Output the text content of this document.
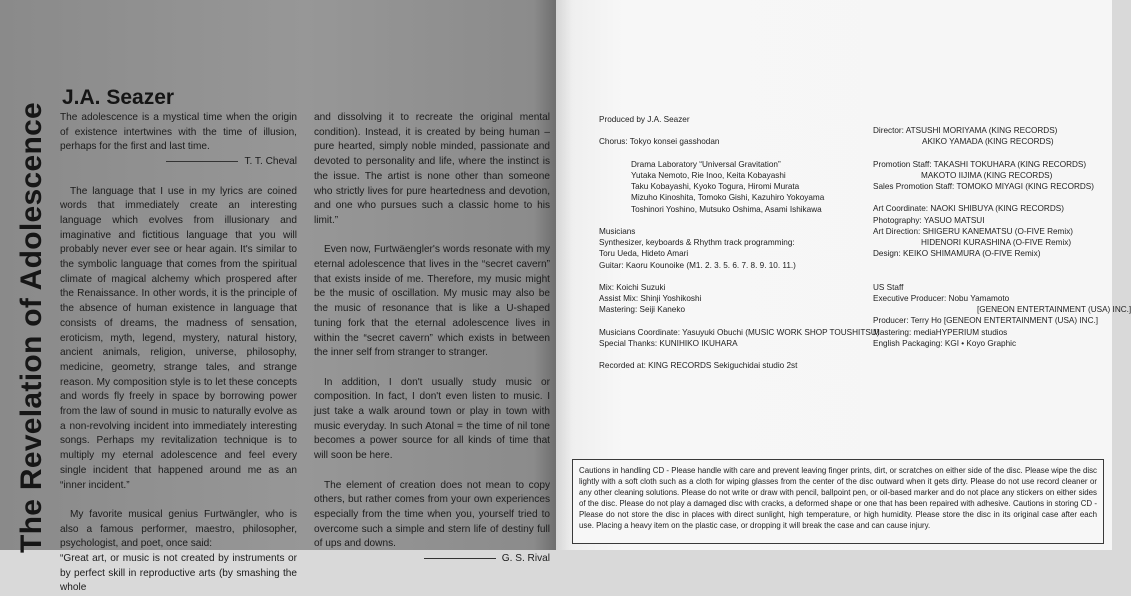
The Revelation of Adolescence
J.A. Seazer

The adolescence is a mystical time when the origin of existence intertwines with the time of illusion, perhaps for the first and last time.

T. T. Cheval

The language that I use in my lyrics are coined words that immediately create an interesting language which evolves from illusionary and imaginative and fictitious language that you will probably never ever see or hear again. It's similar to the symbolic language that comes from the spiritual climate of magical alchemy which prospered after the Renaissance. In other words, it is the principle of the absence of human existence in language that consists of dreams, the madness of sensation, eroticism, myth, legend, mystery, natural history, ancient animals, religion, universe, philosophy, medicine, geometry, strange tales, and strange reason. My composition style is to let these concepts and words fly freely in space by borrowing power from the law of sound in music to naturally evolve as a non-revolving incident into immediately interesting songs. Perhaps my revitalization technique is to multiply my eternal adolescence and feel every single incident that happened around me as an “inner incident.”

My favorite musical genius Furtwängler, who is also a famous performer, maestro, philosopher, psychologist, and poet, once said:

“Great art, or music is not created by instruments or by perfect skill in reproductive arts (by smashing the whole

and dissolving it to recreate the original mental condition). Instead, it is created by being human – pure hearted, simply noble minded, passionate and devoted to personality and life, where the instinct is the issue. The artist is none other than someone who strictly lives for pure heartedness and devotion, and one who pursues such a classic home to his limit.”

Even now, Furtwäengler's words resonate with my eternal adolescence that lives in the “secret cavern” that exists inside of me. Therefore, my music might be the music of oscillation. My music may also be the music of resonance that is like a U-shaped tuning fork that the eternal adolescence lives in within the “secret cavern” which exists in between the inner self from stranger to stranger.

In addition, I don't usually study music or composition. In fact, I don't even listen to music. I just take a walk around town or play in town with music everyday. In such Atonal = the time of nil tone becomes a power source for all kinds of time that will soon be here.

The element of creation does not mean to copy others, but rather comes from your own experiences especially from the time when you, yourself tried to overcome such a simple and stern life of destiny full of ups and downs.

G. S. Rival

Produced by J.A. Seazer
Chorus: Tokyo konsei gasshodan
Drama Laboratory “Universal Gravitation”
Yutaka Nemoto, Rie Inoo, Keita Kobayashi
Taku Kobayashi, Kyoko Togura, Hiromi Murata
Mizuho Kinoshita, Tomoko Gishi, Kazuhiro Yokoyama
Toshinori Yoshino, Mutsuko Oshima, Asami Ishikawa
Musicians
Synthesizer, keyboards & Rhythm track programming:
Toru Ueda, Hideto Amari
Guitar: Kaoru Kounoike (M1. 2. 3. 5. 6. 7. 8. 9. 10. 11.)
Mix: Koichi Suzuki
Assist Mix: Shinji Yoshikoshi
Mastering: Seiji Kaneko
Musicians Coordinate: Yasuyuki Obuchi (MUSIC WORK SHOP TOUSHITSU)
Special Thanks: KUNIHIKO IKUHARA
Recorded at: KING RECORDS Sekiguchidai studio 2st
Director: ATSUSHI MORIYAMA (KING RECORDS)
AKIKO YAMADA (KING RECORDS)
Promotion Staff: TAKASHI TOKUHARA (KING RECORDS)
MAKOTO IIJIMA (KING RECORDS)
Sales Promotion Staff: TOMOKO MIYAGI (KING RECORDS)
Art Coordinate: NAOKI SHIBUYA (KING RECORDS)
Photography: YASUO MATSUI
Art Direction: SHIGERU KANEMATSU (O-FIVE Remix)
HIDENORI KURASHINA (O-FIVE Remix)
Design: KEIKO SHIMAMURA (O-FIVE Remix)
US Staff
Executive Producer: Nobu Yamamoto
[GENEON ENTERTAINMENT (USA) INC.]
Producer: Terry Ho [GENEON ENTERTAINMENT (USA) INC.]
Mastering: mediaHYPERIUM studios
English Packaging: KGI • Koyo Graphic
Cautions in handling CD - Please handle with care and prevent leaving finger prints, dirt, or scratches on either side of the disc. Please wipe the disc lightly with a soft cloth such as a cloth for wiping glasses from the center of the disc outward when it gets dirty. Please do not use record cleaner or any other cleaning solutions. Please do not write or draw with pencil, ballpoint pen, or oil-based marker and do not place any stickers on either sides of the disc. Please do not play a damaged disc with cracks, a deformed shape or one that has been repaired with adhesive. Cautions in storing CD - Please do not store the disc in places with direct sunlight, high temperature, or high humidity. Please store the disc in its original case after each use. Placing a heavy item on the plastic case, or dropping it will break the case and can cause injury.
